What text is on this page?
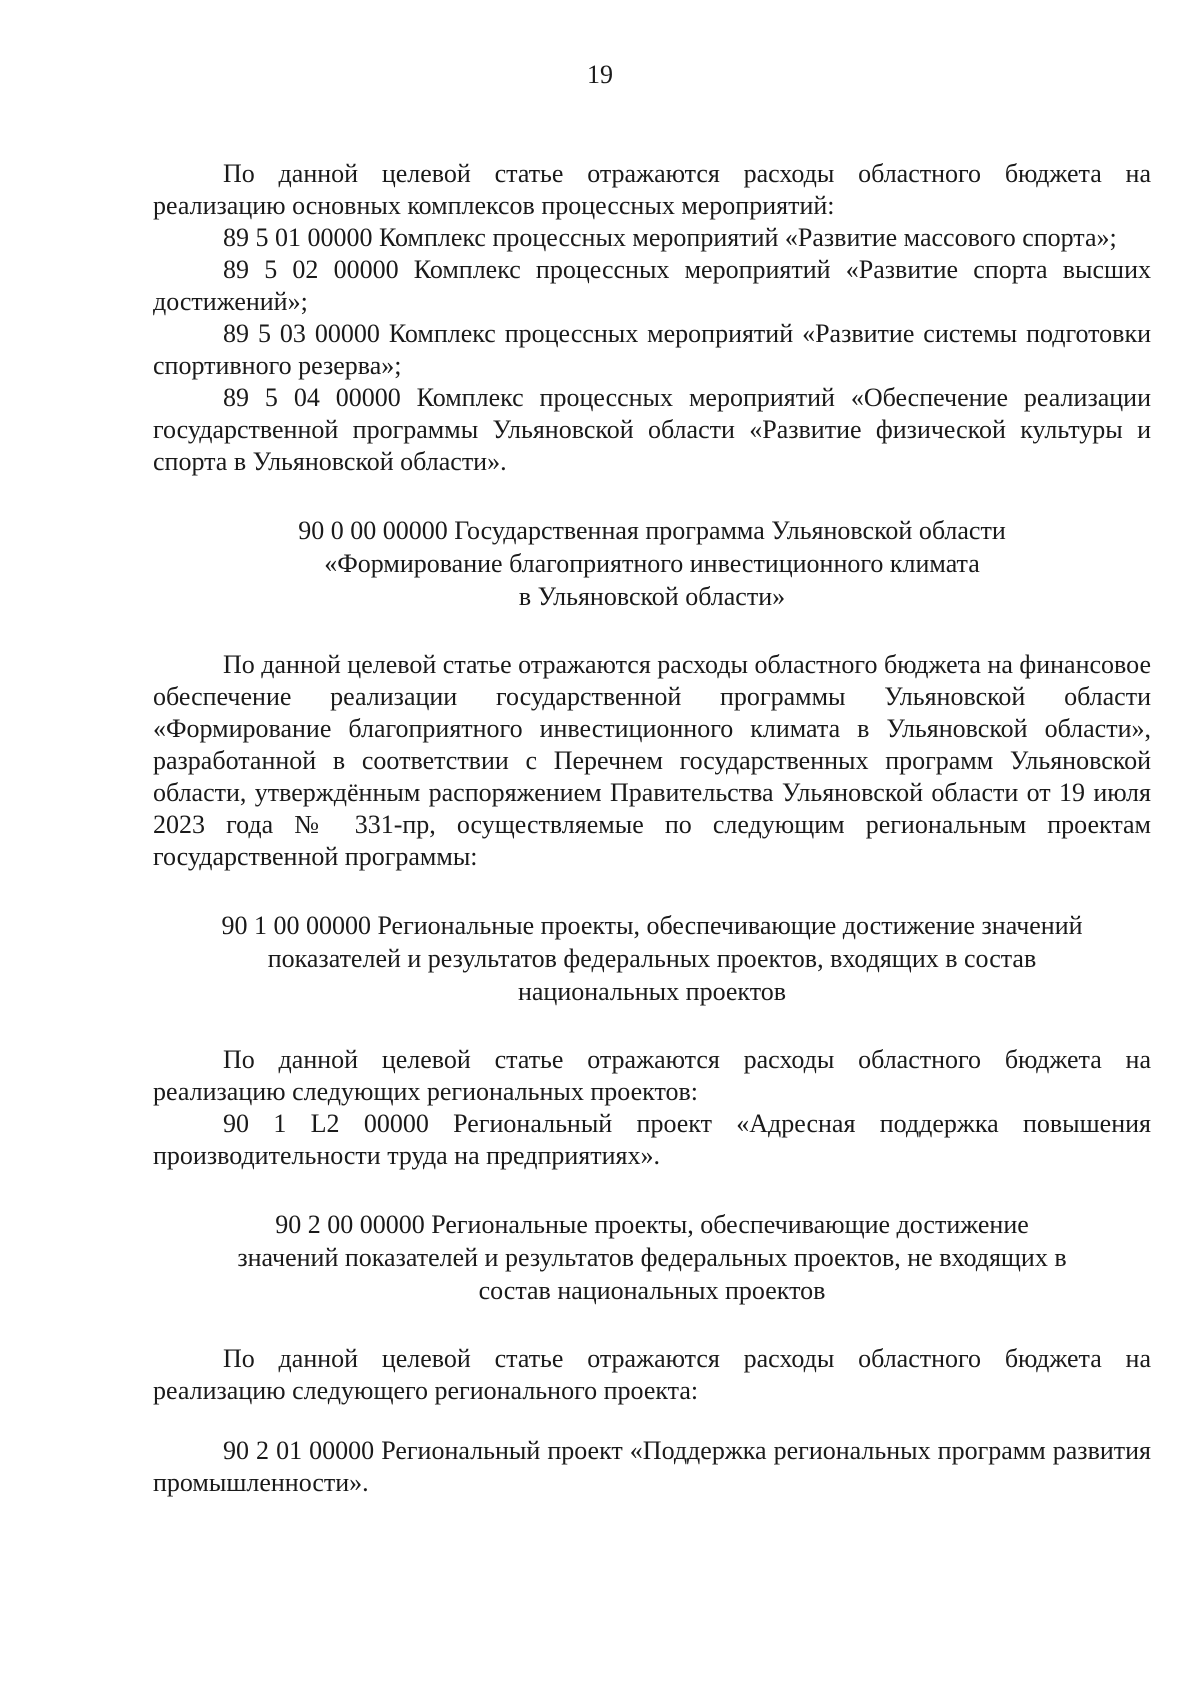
19

По данной целевой статье отражаются расходы областного бюджета на реализацию основных комплексов процессных мероприятий:

89 5 01 00000 Комплекс процессных мероприятий «Развитие массового спорта»;

89 5 02 00000 Комплекс процессных мероприятий «Развитие спорта высших достижений»;

89 5 03 00000 Комплекс процессных мероприятий «Развитие системы подготовки спортивного резерва»;

89 5 04 00000 Комплекс процессных мероприятий «Обеспечение реализации государственной программы Ульяновской области «Развитие физической культуры и спорта в Ульяновской области».

90 0 00 00000 Государственная программа Ульяновской области
«Формирование благоприятного инвестиционного климата
в Ульяновской области»

По данной целевой статье отражаются расходы областного бюджета на финансовое обеспечение реализации государственной программы Ульяновской области «Формирование благоприятного инвестиционного климата в Ульяновской области», разработанной в соответствии с Перечнем государственных программ Ульяновской области, утверждённым распоряжением Правительства Ульяновской области от 19 июля 2023 года № 331-пр, осуществляемые по следующим региональным проектам государственной программы:

90 1 00 00000 Региональные проекты, обеспечивающие достижение значений
показателей и результатов федеральных проектов, входящих в состав
национальных проектов

По данной целевой статье отражаются расходы областного бюджета на реализацию следующих региональных проектов:

90 1 L2 00000 Региональный проект «Адресная поддержка повышения производительности труда на предприятиях».

90 2 00 00000 Региональные проекты, обеспечивающие достижение
значений показателей и результатов федеральных проектов, не входящих в
состав национальных проектов

По данной целевой статье отражаются расходы областного бюджета на реализацию следующего регионального проекта:

90 2 01 00000 Региональный проект «Поддержка региональных программ развития промышленности».
